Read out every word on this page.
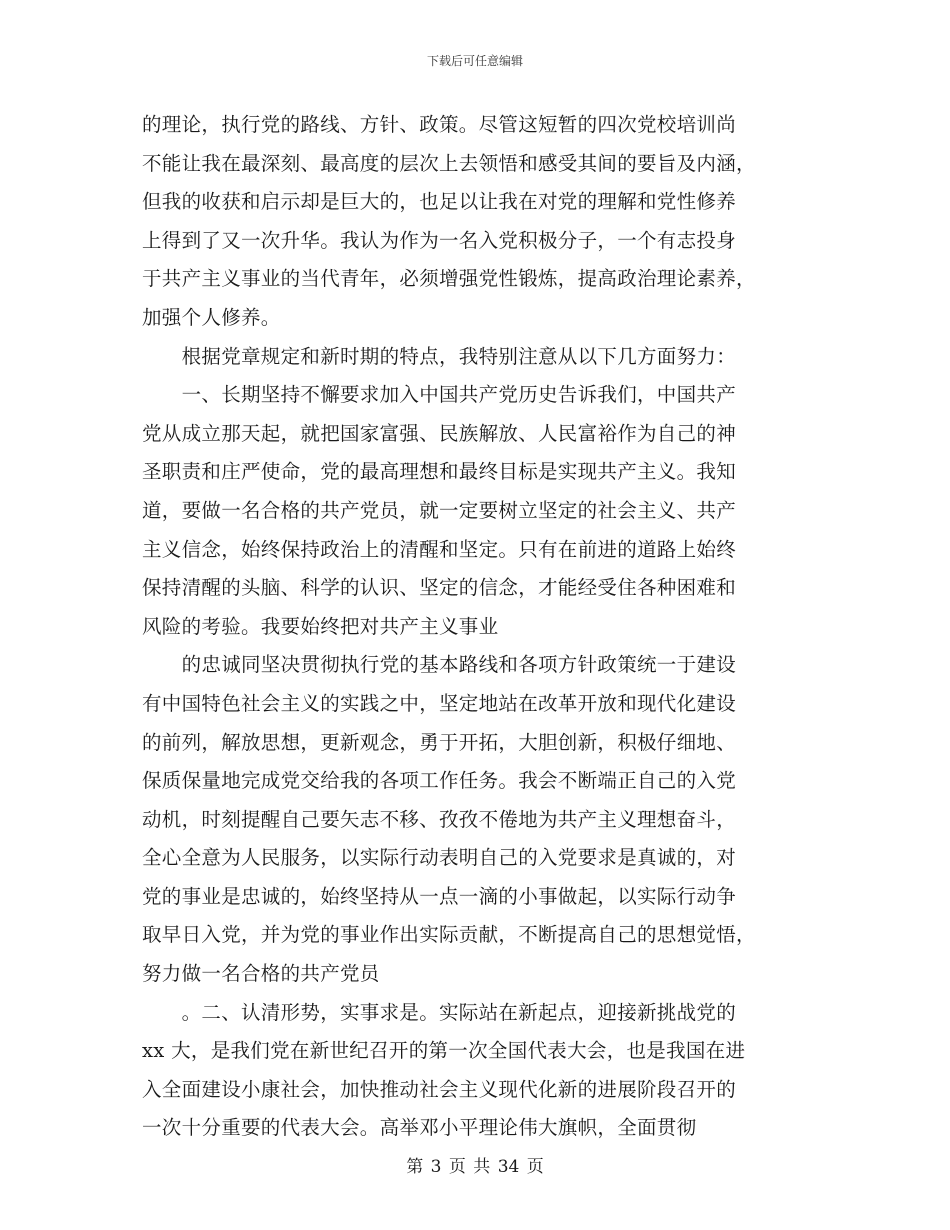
下载后可任意编辑
的理论，执行党的路线、方针、政策。尽管这短暂的四次党校培训尚
不能让我在最深刻、最高度的层次上去领悟和感受其间的要旨及内涵，
但我的收获和启示却是巨大的，也足以让我在对党的理解和党性修养
上得到了又一次升华。我认为作为一名入党积极分子，一个有志投身
于共产主义事业的当代青年，必须增强党性锻炼，提高政治理论素养，
加强个人修养。
　　根据党章规定和新时期的特点，我特别注意从以下几方面努力：
　　一、长期坚持不懈要求加入中国共产党历史告诉我们，中国共产
党从成立那天起，就把国家富强、民族解放、人民富裕作为自己的神
圣职责和庄严使命，党的最高理想和最终目标是实现共产主义。我知
道，要做一名合格的共产党员，就一定要树立坚定的社会主义、共产
主义信念，始终保持政治上的清醒和坚定。只有在前进的道路上始终
保持清醒的头脑、科学的认识、坚定的信念，才能经受住各种困难和
风险的考验。我要始终把对共产主义事业
　　的忠诚同坚决贯彻执行党的基本路线和各项方针政策统一于建设
有中国特色社会主义的实践之中，坚定地站在改革开放和现代化建设
的前列，解放思想，更新观念，勇于开拓，大胆创新，积极仔细地、
保质保量地完成党交给我的各项工作任务。我会不断端正自己的入党
动机，时刻提醒自己要矢志不移、孜孜不倦地为共产主义理想奋斗，
全心全意为人民服务，以实际行动表明自己的入党要求是真诚的，对
党的事业是忠诚的，始终坚持从一点一滴的小事做起，以实际行动争
取早日入党，并为党的事业作出实际贡献，不断提高自己的思想觉悟，
努力做一名合格的共产党员
　　。二、认清形势，实事求是。实际站在新起点，迎接新挑战党的
xx 大，是我们党在新世纪召开的第一次全国代表大会，也是我国在进
入全面建设小康社会，加快推动社会主义现代化新的进展阶段召开的
一次十分重要的代表大会。高举邓小平理论伟大旗帜，全面贯彻
第 3 页 共 34 页
